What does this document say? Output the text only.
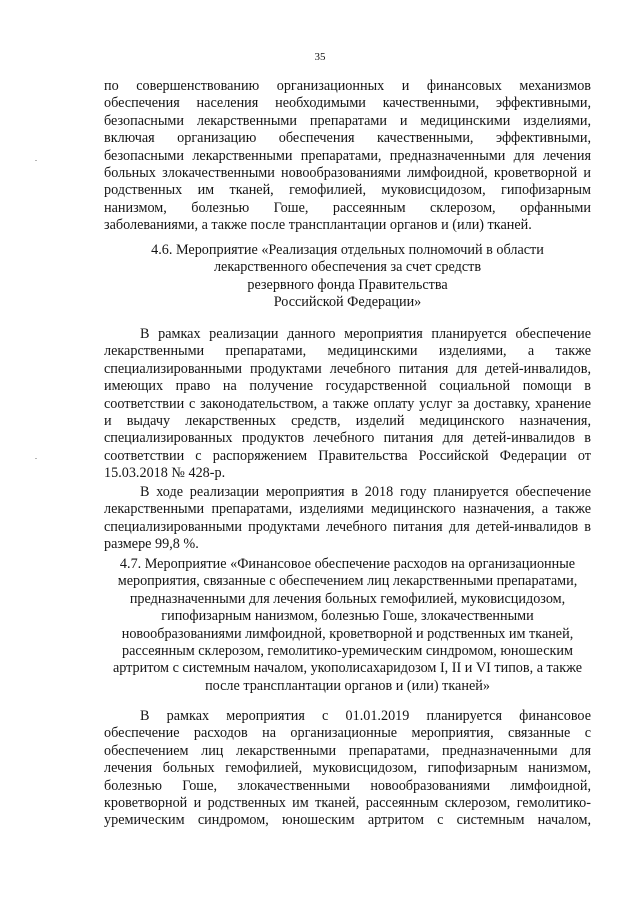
35
по совершенствованию организационных и финансовых механизмов
обеспечения населения необходимыми качественными, эффективными,
безопасными лекарственными препаратами и медицинскими изделиями,
включая организацию обеспечения качественными, эффективными,
безопасными лекарственными препаратами, предназначенными для лечения
больных злокачественными новообразованиями лимфоидной, кроветворной и
родственных им тканей, гемофилией, муковисцидозом, гипофизарным
нанизмом, болезнью Гоше, рассеянным склерозом, орфанными
заболеваниями, а также после трансплантации органов и (или) тканей.
4.6. Мероприятие «Реализация отдельных полномочий в области
лекарственного обеспечения за счет средств
резервного фонда Правительства
Российской Федерации»
В рамках реализации данного мероприятия планируется обеспечение
лекарственными препаратами, медицинскими изделиями, а также
специализированными продуктами лечебного питания для детей-инвалидов,
имеющих право на получение государственной социальной помощи в
соответствии с законодательством, а также оплату услуг за доставку, хранение
и выдачу лекарственных средств, изделий медицинского назначения,
специализированных продуктов лечебного питания для детей-инвалидов в
соответствии с распоряжением Правительства Российской Федерации от
15.03.2018 № 428-р.
В ходе реализации мероприятия в 2018 году планируется обеспечение
лекарственными препаратами, изделиями медицинского назначения, а также
специализированными продуктами лечебного питания для детей-инвалидов в
размере 99,8 %.
4.7. Мероприятие «Финансовое обеспечение расходов на организационные
мероприятия, связанные с обеспечением лиц лекарственными препаратами,
предназначенными для лечения больных гемофилией, муковисцидозом,
гипофизарным нанизмом, болезнью Гоше, злокачественными
новообразованиями лимфоидной, кроветворной и родственных им тканей,
рассеянным склерозом, гемолитико-уремическим синдромом, юношеским
артритом с системным началом, укополисахаридозом I, II и VI типов, а также
после трансплантации органов и (или) тканей»
В рамках мероприятия с 01.01.2019 планируется финансовое
обеспечение расходов на организационные мероприятия, связанные с
обеспечением лиц лекарственными препаратами, предназначенными для
лечения больных гемофилией, муковисцидозом, гипофизарным нанизмом,
болезнью Гоше, злокачественными новообразованиями лимфоидной,
кроветворной и родственных им тканей, рассеянным склерозом, гемолитико-
уремическим синдромом, юношеским артритом с системным началом,
